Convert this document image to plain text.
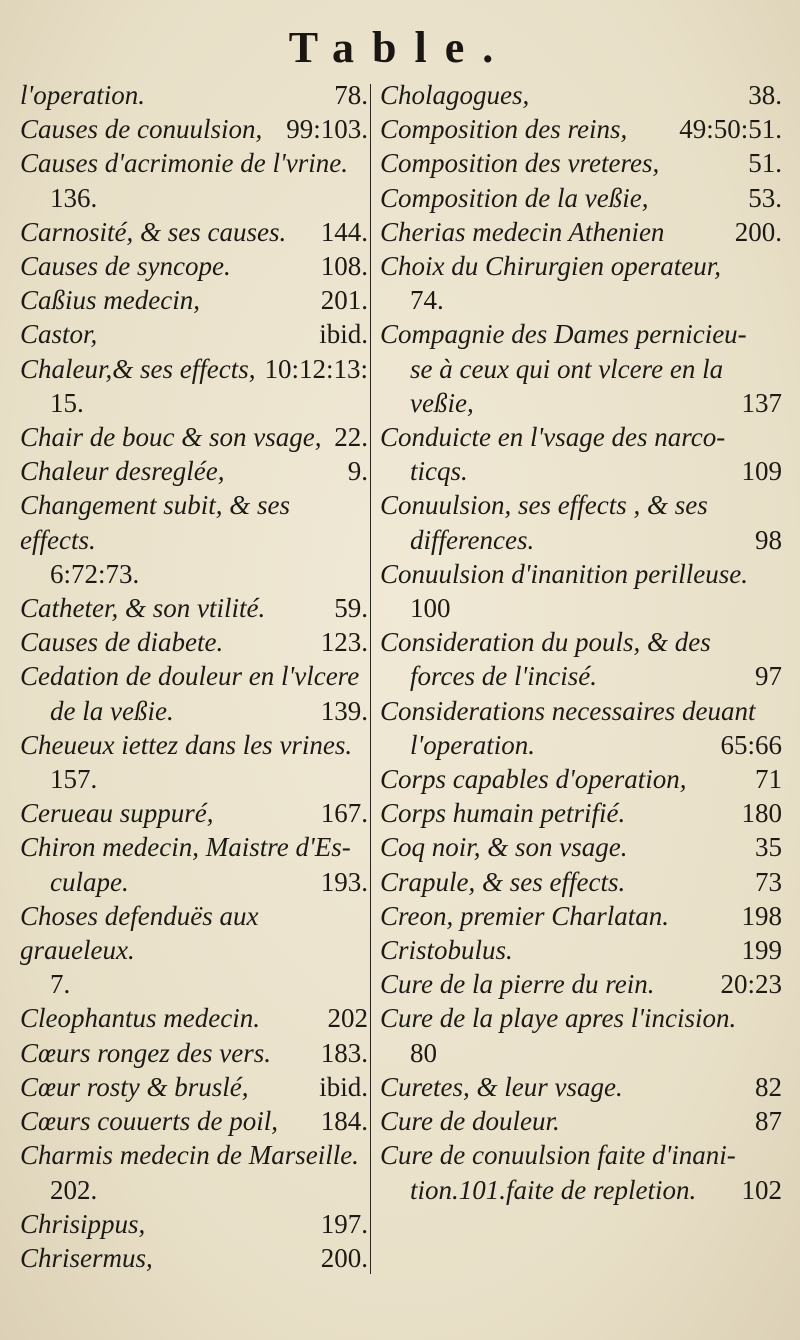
Table.
l'operation.	78.
Causes de conuulsion, 99:103.
Causes d'acrimonie de l'vrine.
136.
Carnosité, & ses causes. 144.
Causes de syncope.	108.
Caßius medecin,	201.
Castor,	ibid.
Chaleur,& ses effects, 10:12:13:
15.
Chair de bouc & son vsage, 22.
Chaleur desreglée,	9.
Changement subit, & ses effects.
6:72:73.
Catheter, & son vtilité.	59.
Causes de diabete.	123.
Cedation de douleur en l'vlcere
de la veßie.	139.
Cheueux iettez dans les vrines.
157.
Cerueau suppuré,	167.
Chiron medecin, Maistre d'Es-
culape.	193.
Choses defenduës aux graueleux.
7.
Cleophantus medecin.	202
Cœurs rongez des vers. 183.
Cœur rosty & bruslé,	ibid.
Cœurs couuerts de poil, 184.
Charmis medecin de Marseille.
202.
Chrisippus,	197.
Chrisermus,	200.
Cholagogues,	38.
Composition des reins, 49:50:51.
Composition des vreteres,	51.
Composition de la veßie,	53.
Cherias medecin Athenien	200.
Choix du Chirurgien operateur,
74.
Compagnie des Dames pernicieu-
se à ceux qui ont vlcere en la
veßie,	137
Conduicte en l'vsage des narco-
ticqs.	109
Conuulsion, ses effects , & ses
differences.	98
Conuulsion d'inanition perilleuse.
100
Consideration du pouls, & des
forces de l'incisé.	97
Considerations necessaires deuant
l'operation.	65:66
Corps capables d'operation,	71
Corps humain petrifié.	180
Coq noir, & son vsage.	35
Crapule, & ses effects.	73
Creon, premier Charlatan.	198
Cristobulus.	199
Cure de la pierre du rein. 20:23
Cure de la playe apres l'incision.
80
Curetes, & leur vsage.	82
Cure de douleur.	87
Cure de conuulsion faite d'inani-
tion.101.faite de repletion. 102
